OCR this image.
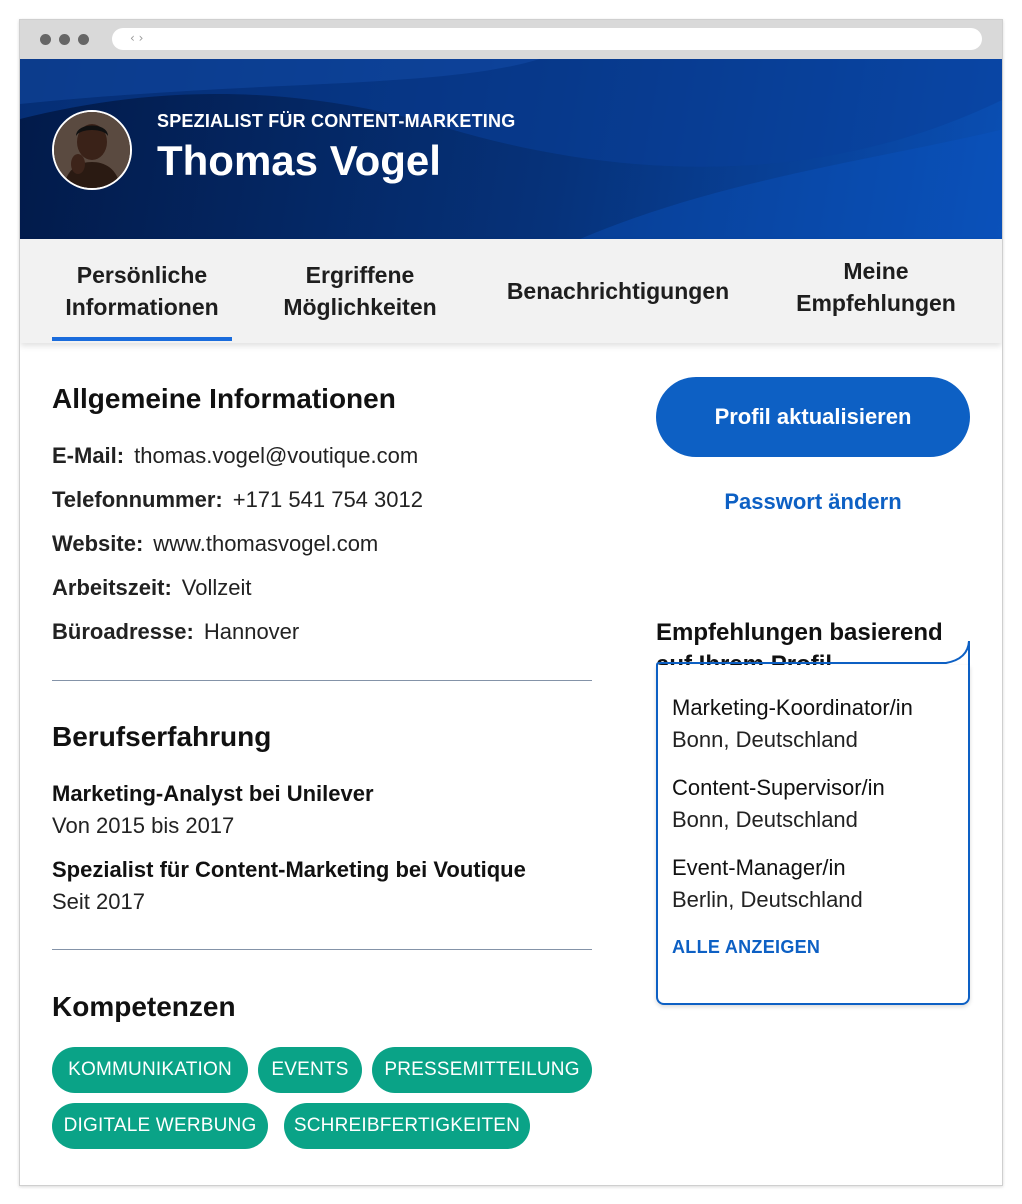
‹ ›
SPEZIALIST FÜR CONTENT-MARKETING
Thomas Vogel
Persönliche
Informationen
Ergriffene
Möglichkeiten
Benachrichtigungen
Meine
Empfehlungen
Allgemeine Informationen
E-Mail: thomas.vogel@voutique.com
Telefonnummer: +171 541 754 3012
Website: www.thomasvogel.com
Arbeitszeit: Vollzeit
Büroadresse: Hannover
Berufserfahrung
Marketing-Analyst bei Unilever
Von 2015 bis 2017
Spezialist für Content-Marketing bei Voutique
Seit 2017
Kompetenzen
KOMMUNIKATION	EVENTS	PRESSEMITTEILUNG
DIGITALE WERBUNG	SCHREIBFERTIGKEITEN
Profil aktualisieren
Passwort ändern
Empfehlungen basierend
Marketing-Koordinator/in
Bonn, Deutschland
Content-Supervisor/in
Bonn, Deutschland
Event-Manager/in
Berlin, Deutschland
ALLE ANZEIGEN
